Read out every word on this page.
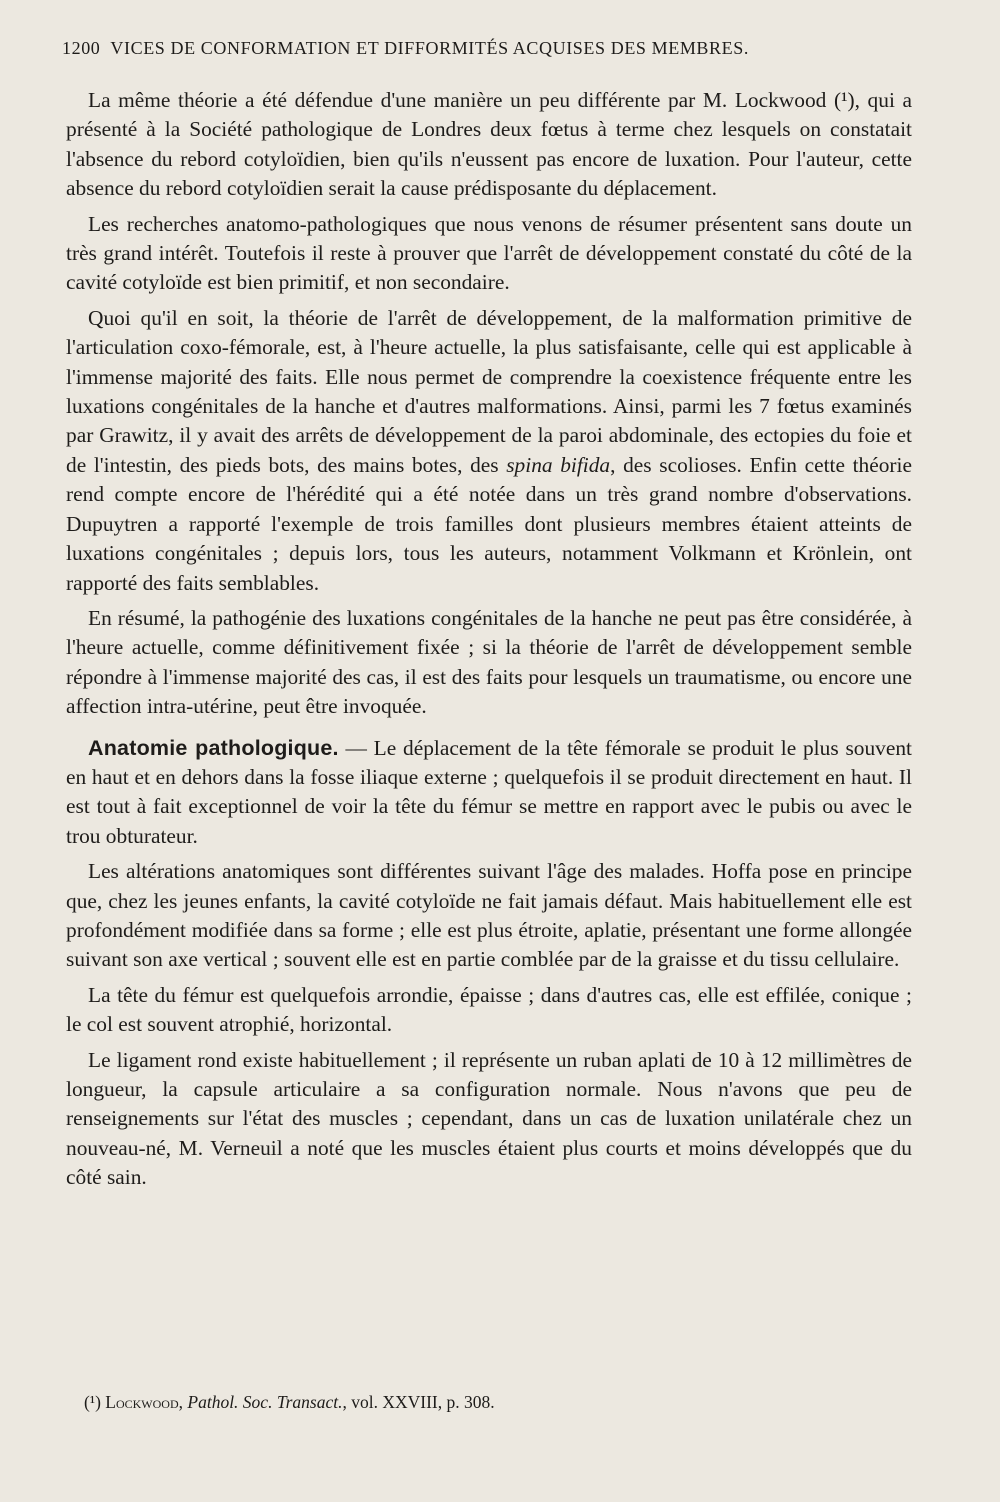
1200 VICES DE CONFORMATION ET DIFFORMITÉS ACQUISES DES MEMBRES.

La même théorie a été défendue d'une manière un peu différente par M. Lockwood (¹), qui a présenté à la Société pathologique de Londres deux fœtus à terme chez lesquels on constatait l'absence du rebord cotyloïdien, bien qu'ils n'eussent pas encore de luxation. Pour l'auteur, cette absence du rebord cotyloïdien serait la cause prédisposante du déplacement.

Les recherches anatomo-pathologiques que nous venons de résumer présentent sans doute un très grand intérêt. Toutefois il reste à prouver que l'arrêt de développement constaté du côté de la cavité cotyloïde est bien primitif, et non secondaire.

Quoi qu'il en soit, la théorie de l'arrêt de développement, de la malformation primitive de l'articulation coxo-fémorale, est, à l'heure actuelle, la plus satisfaisante, celle qui est applicable à l'immense majorité des faits. Elle nous permet de comprendre la coexistence fréquente entre les luxations congénitales de la hanche et d'autres malformations. Ainsi, parmi les 7 fœtus examinés par Grawitz, il y avait des arrêts de développement de la paroi abdominale, des ectopies du foie et de l'intestin, des pieds bots, des mains botes, des spina bifida, des scolioses. Enfin cette théorie rend compte encore de l'hérédité qui a été notée dans un très grand nombre d'observations. Dupuytren a rapporté l'exemple de trois familles dont plusieurs membres étaient atteints de luxations congénitales ; depuis lors, tous les auteurs, notamment Volkmann et Krönlein, ont rapporté des faits semblables.

En résumé, la pathogénie des luxations congénitales de la hanche ne peut pas être considérée, à l'heure actuelle, comme définitivement fixée ; si la théorie de l'arrêt de développement semble répondre à l'immense majorité des cas, il est des faits pour lesquels un traumatisme, ou encore une affection intra-utérine, peut être invoquée.

Anatomie pathologique. — Le déplacement de la tête fémorale se produit le plus souvent en haut et en dehors dans la fosse iliaque externe ; quelquefois il se produit directement en haut. Il est tout à fait exceptionnel de voir la tête du fémur se mettre en rapport avec le pubis ou avec le trou obturateur.

Les altérations anatomiques sont différentes suivant l'âge des malades. Hoffa pose en principe que, chez les jeunes enfants, la cavité cotyloïde ne fait jamais défaut. Mais habituellement elle est profondément modifiée dans sa forme ; elle est plus étroite, aplatie, présentant une forme allongée suivant son axe vertical ; souvent elle est en partie comblée par de la graisse et du tissu cellulaire.

La tête du fémur est quelquefois arrondie, épaisse ; dans d'autres cas, elle est effilée, conique ; le col est souvent atrophié, horizontal.

Le ligament rond existe habituellement ; il représente un ruban aplati de 10 à 12 millimètres de longueur, la capsule articulaire a sa configuration normale. Nous n'avons que peu de renseignements sur l'état des muscles ; cependant, dans un cas de luxation unilatérale chez un nouveau-né, M. Verneuil a noté que les muscles étaient plus courts et moins développés que du côté sain.

(¹) Lockwood, Pathol. Soc. Transact., vol. XXVIII, p. 308.
